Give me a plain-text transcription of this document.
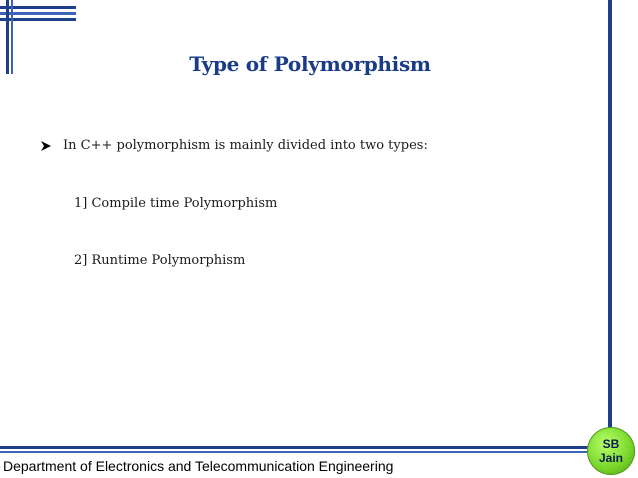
Type of Polymorphism
In C++ polymorphism is mainly divided into two types:
1] Compile time Polymorphism
2] Runtime Polymorphism
Department of Electronics and Telecommunication Engineering
SB
Jain
